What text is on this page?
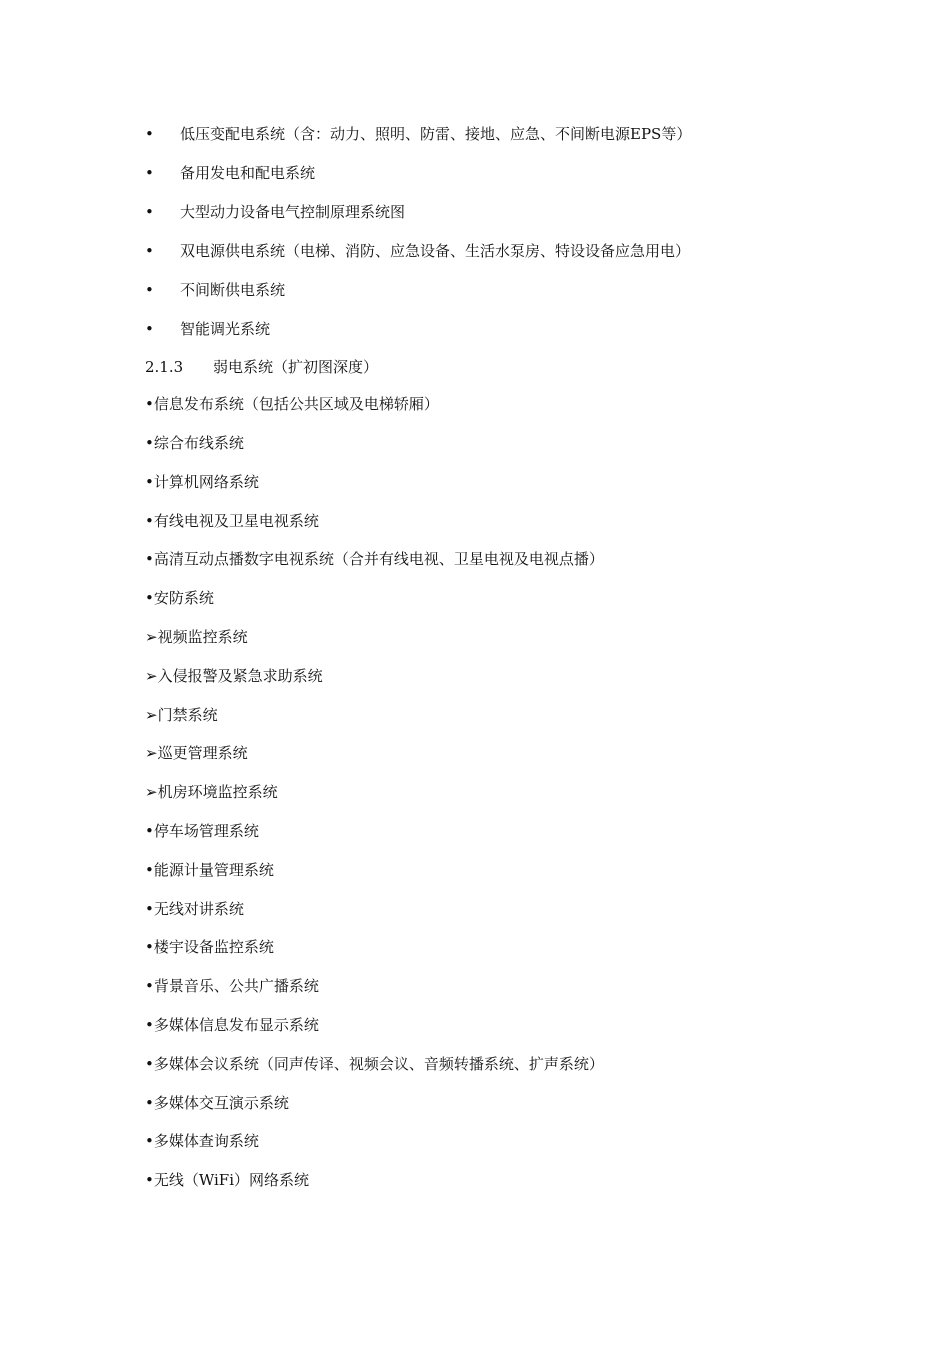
• 低压变配电系统（含：动力、照明、防雷、接地、应急、不间断电源EPS等）
• 备用发电和配电系统
• 大型动力设备电气控制原理系统图
• 双电源供电系统（电梯、消防、应急设备、生活水泵房、特设设备应急用电）
• 不间断供电系统
• 智能调光系统
2.1.3 弱电系统（扩初图深度）
•信息发布系统（包括公共区域及电梯轿厢）
•综合布线系统
•计算机网络系统
•有线电视及卫星电视系统
•高清互动点播数字电视系统（合并有线电视、卫星电视及电视点播）
•安防系统
➢视频监控系统
➢入侵报警及紧急求助系统
➢门禁系统
➢巡更管理系统
➢机房环境监控系统
•停车场管理系统
•能源计量管理系统
•无线对讲系统
•楼宇设备监控系统
•背景音乐、公共广播系统
•多媒体信息发布显示系统
•多媒体会议系统（同声传译、视频会议、音频转播系统、扩声系统）
•多媒体交互演示系统
•多媒体查询系统
•无线（WiFi）网络系统
